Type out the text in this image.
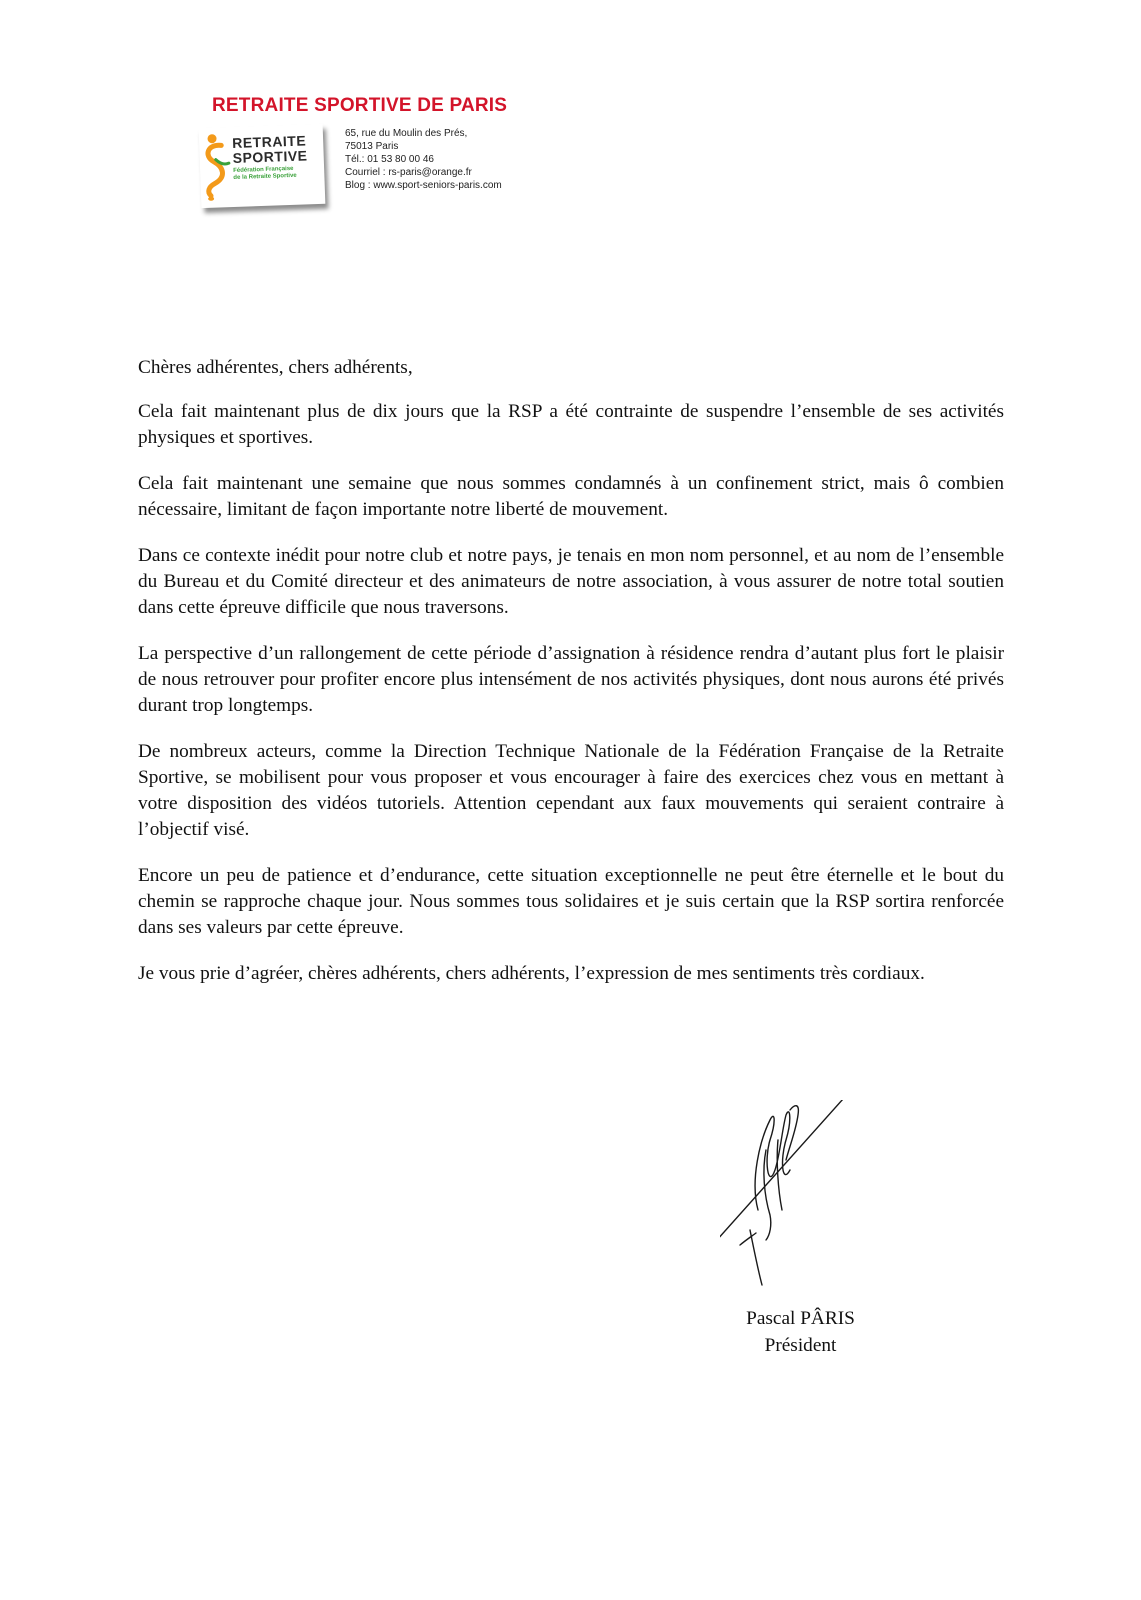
RETRAITE SPORTIVE DE PARIS
RETRAITE
SPORTIVE
Fédération Française
de la Retraite Sportive
65, rue du Moulin des Prés,
75013 Paris
Tél.: 01 53 80 00 46
Courriel : rs-paris@orange.fr
Blog : www.sport-seniors-paris.com

Chères adhérentes, chers adhérents,

Cela fait maintenant plus de dix jours que la RSP a été contrainte de suspendre l’ensemble de ses activités physiques et sportives.

Cela fait maintenant une semaine que nous sommes condamnés à un confinement strict, mais ô combien nécessaire, limitant de façon importante notre liberté de mouvement.

Dans ce contexte inédit pour notre club et notre pays, je tenais en mon nom personnel, et au nom de l’ensemble du Bureau et du Comité directeur et des animateurs de notre association, à vous assurer de notre total soutien dans cette épreuve difficile que nous traversons.

La perspective d’un rallongement de cette période d’assignation à résidence rendra d’autant plus fort le plaisir de nous retrouver pour profiter encore plus intensément de nos activités physiques, dont nous aurons été privés durant trop longtemps.

De nombreux acteurs, comme la Direction Technique Nationale de la Fédération Française de la Retraite Sportive, se mobilisent pour vous proposer et vous encourager à faire des exercices chez vous en mettant à votre disposition des vidéos tutoriels. Attention cependant aux faux mouvements qui seraient contraire à l’objectif visé.

Encore un peu de patience et d’endurance, cette situation exceptionnelle ne peut être éternelle et le bout du chemin se rapproche chaque jour. Nous sommes tous solidaires et je suis certain que la RSP sortira renforcée dans ses valeurs par cette épreuve.

Je vous prie d’agréer, chères adhérents, chers adhérents, l’expression de mes sentiments très cordiaux.

Pascal PÂRIS
Président
